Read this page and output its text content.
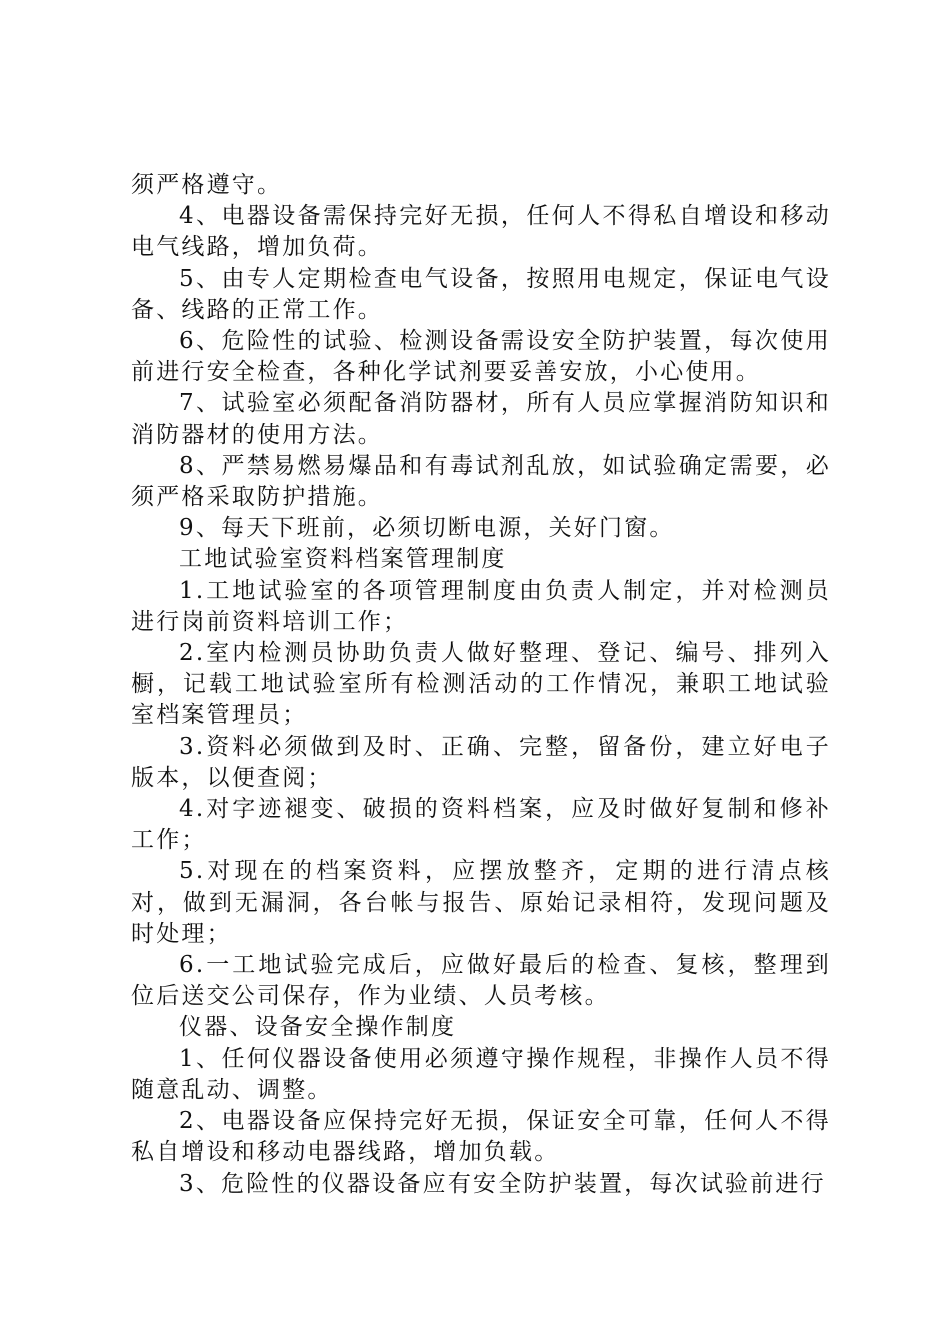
须严格遵守。

4、电器设备需保持完好无损，任何人不得私自增设和移动电气线路，增加负荷。

5、由专人定期检查电气设备，按照用电规定，保证电气设备、线路的正常工作。

6、危险性的试验、检测设备需设安全防护装置，每次使用前进行安全检查，各种化学试剂要妥善安放，小心使用。

7、试验室必须配备消防器材，所有人员应掌握消防知识和消防器材的使用方法。

8、严禁易燃易爆品和有毒试剂乱放，如试验确定需要，必须严格采取防护措施。

9、每天下班前，必须切断电源，关好门窗。

工地试验室资料档案管理制度

1.工地试验室的各项管理制度由负责人制定，并对检测员进行岗前资料培训工作；

2.室内检测员协助负责人做好整理、登记、编号、排列入橱，记载工地试验室所有检测活动的工作情况，兼职工地试验室档案管理员；

3.资料必须做到及时、正确、完整，留备份，建立好电子版本，以便查阅；

4.对字迹褪变、破损的资料档案，应及时做好复制和修补工作；

5.对现在的档案资料，应摆放整齐，定期的进行清点核对，做到无漏洞，各台帐与报告、原始记录相符，发现问题及时处理；

6.一工地试验完成后，应做好最后的检查、复核，整理到位后送交公司保存，作为业绩、人员考核。

仪器、设备安全操作制度

1、任何仪器设备使用必须遵守操作规程，非操作人员不得随意乱动、调整。

2、电器设备应保持完好无损，保证安全可靠，任何人不得私自增设和移动电器线路，增加负载。

3、危险性的仪器设备应有安全防护装置，每次试验前进行
